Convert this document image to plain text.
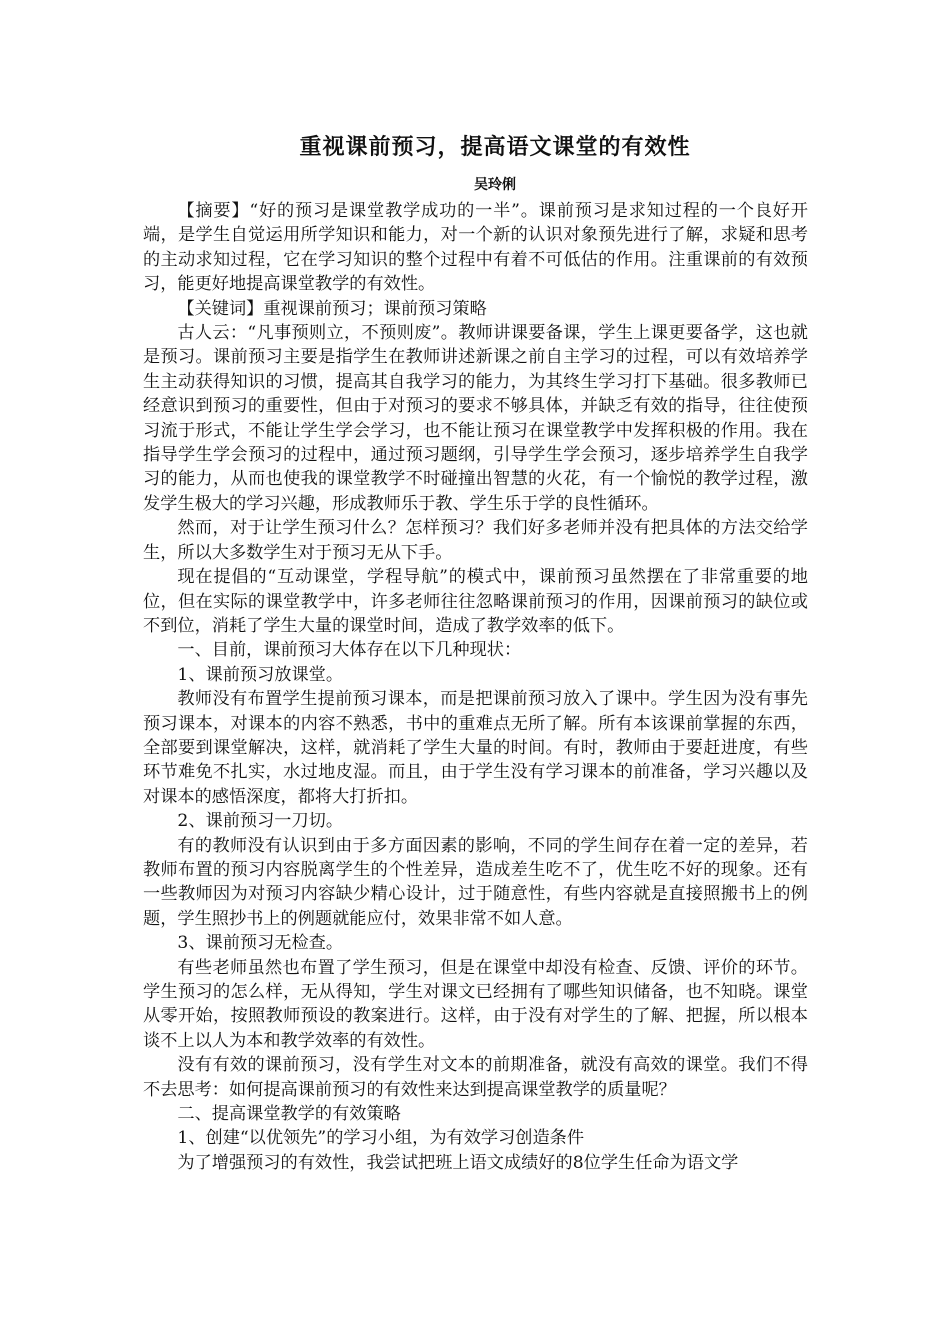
重视课前预习，提高语文课堂的有效性
吴玲俐

【摘要】“好的预习是课堂教学成功的一半”。课前预习是求知过程的一个良好开端，是学生自觉运用所学知识和能力，对一个新的认识对象预先进行了解，求疑和思考的主动求知过程，它在学习知识的整个过程中有着不可低估的作用。注重课前的有效预习，能更好地提高课堂教学的有效性。

【关键词】重视课前预习；课前预习策略

古人云：“凡事预则立，不预则废”。教师讲课要备课，学生上课更要备学，这也就是预习。课前预习主要是指学生在教师讲述新课之前自主学习的过程，可以有效培养学生主动获得知识的习惯，提高其自我学习的能力，为其终生学习打下基础。很多教师已经意识到预习的重要性，但由于对预习的要求不够具体，并缺乏有效的指导，往往使预习流于形式，不能让学生学会学习，也不能让预习在课堂教学中发挥积极的作用。我在指导学生学会预习的过程中，通过预习题纲，引导学生学会预习，逐步培养学生自我学习的能力，从而也使我的课堂教学不时碰撞出智慧的火花，有一个愉悦的教学过程，激发学生极大的学习兴趣，形成教师乐于教、学生乐于学的良性循环。

然而，对于让学生预习什么？怎样预习？我们好多老师并没有把具体的方法交给学生，所以大多数学生对于预习无从下手。

现在提倡的“互动课堂，学程导航”的模式中，课前预习虽然摆在了非常重要的地位，但在实际的课堂教学中，许多老师往往忽略课前预习的作用，因课前预习的缺位或不到位，消耗了学生大量的课堂时间，造成了教学效率的低下。

一、目前，课前预习大体存在以下几种现状：

1、课前预习放课堂。

教师没有布置学生提前预习课本，而是把课前预习放入了课中。学生因为没有事先预习课本，对课本的内容不熟悉，书中的重难点无所了解。所有本该课前掌握的东西，全部要到课堂解决，这样，就消耗了学生大量的时间。有时，教师由于要赶进度，有些环节难免不扎实，水过地皮湿。而且，由于学生没有学习课本的前准备，学习兴趣以及对课本的感悟深度，都将大打折扣。

2、课前预习一刀切。

有的教师没有认识到由于多方面因素的影响，不同的学生间存在着一定的差异，若教师布置的预习内容脱离学生的个性差异，造成差生吃不了，优生吃不好的现象。还有一些教师因为对预习内容缺少精心设计，过于随意性，有些内容就是直接照搬书上的例题，学生照抄书上的例题就能应付，效果非常不如人意。

3、课前预习无检查。

有些老师虽然也布置了学生预习，但是在课堂中却没有检查、反馈、评价的环节。学生预习的怎么样，无从得知，学生对课文已经拥有了哪些知识储备，也不知晓。课堂从零开始，按照教师预设的教案进行。这样，由于没有对学生的了解、把握，所以根本谈不上以人为本和教学效率的有效性。

没有有效的课前预习，没有学生对文本的前期准备，就没有高效的课堂。我们不得不去思考：如何提高课前预习的有效性来达到提高课堂教学的质量呢？

二、提高课堂教学的有效策略

1、创建“以优领先”的学习小组，为有效学习创造条件

为了增强预习的有效性，我尝试把班上语文成绩好的8位学生任命为语文学
